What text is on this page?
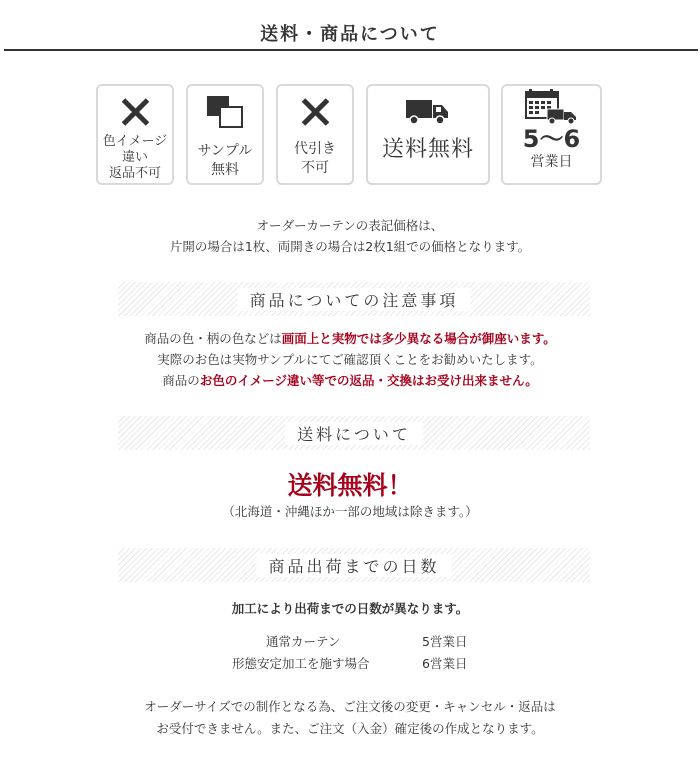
送料・商品について
色イメージ
違い
返品不可
サンプル
無料
代引き
不可
送料無料 5〜6
営業日
オーダーカーテンの表記価格は、
片開の場合は1枚、両開きの場合は2枚1組での価格となります。
商品についての注意事項
商品の色・柄の色などは画面上と実物では多少異なる場合が御座います。
実際のお色は実物サンプルにてご確認頂くことをお勧めいたします。
商品のお色のイメージ違い等での返品・交換はお受け出来ません。
送料について
送料無料！
（北海道・沖縄ほか一部の地域は除きます。）
商品出荷までの日数
加工により出荷までの日数が異なります。
通常カーテン	5営業日
形態安定加工を施す場合	6営業日
オーダーサイズでの制作となる為、ご注文後の変更・キャンセル・返品は
お受付できません。また、ご注文（入金）確定後の作成となります。
